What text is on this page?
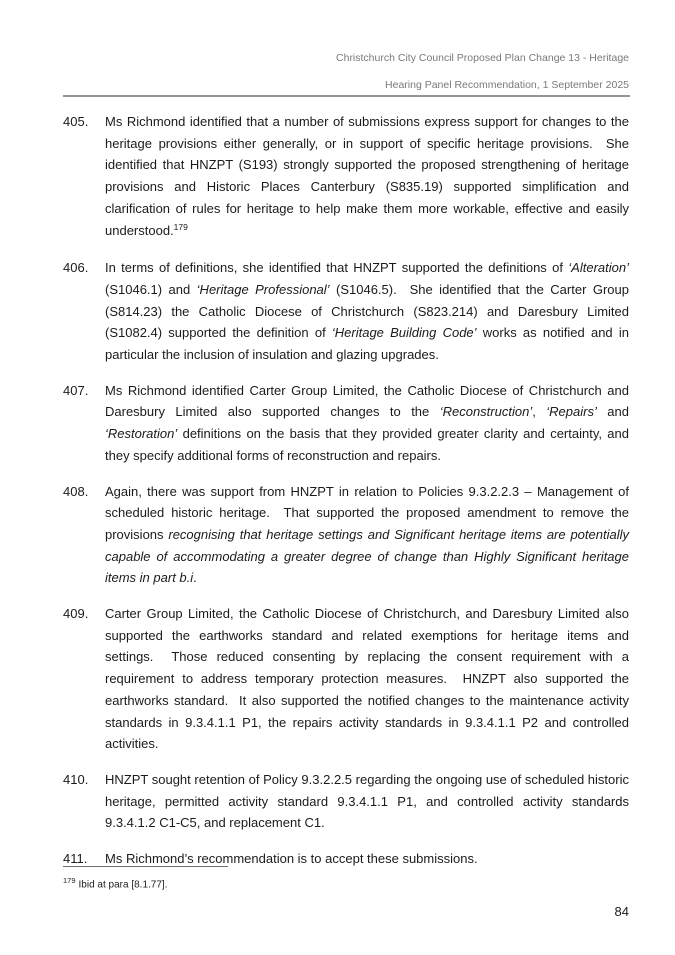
Christchurch City Council Proposed Plan Change 13 - Heritage
Hearing Panel Recommendation, 1 September 2025
405. Ms Richmond identified that a number of submissions express support for changes to the heritage provisions either generally, or in support of specific heritage provisions.  She identified that HNZPT (S193) strongly supported the proposed strengthening of heritage provisions and Historic Places Canterbury (S835.19) supported simplification and clarification of rules for heritage to help make them more workable, effective and easily understood.$^{179}$
406. In terms of definitions, she identified that HNZPT supported the definitions of ‘Alteration’ (S1046.1) and ‘Heritage Professional’ (S1046.5).  She identified that the Carter Group (S814.23) the Catholic Diocese of Christchurch (S823.214) and Daresbury Limited (S1082.4) supported the definition of ‘Heritage Building Code’ works as notified and in particular the inclusion of insulation and glazing upgrades.
407. Ms Richmond identified Carter Group Limited, the Catholic Diocese of Christchurch and Daresbury Limited also supported changes to the ‘Reconstruction’, ‘Repairs’ and ‘Restoration’ definitions on the basis that they provided greater clarity and certainty, and they specify additional forms of reconstruction and repairs.
408. Again, there was support from HNZPT in relation to Policies 9.3.2.2.3 – Management of scheduled historic heritage.  That supported the proposed amendment to remove the provisions recognising that heritage settings and Significant heritage items are potentially capable of accommodating a greater degree of change than Highly Significant heritage items in part b.i.
409. Carter Group Limited, the Catholic Diocese of Christchurch, and Daresbury Limited also supported the earthworks standard and related exemptions for heritage items and settings.  Those reduced consenting by replacing the consent requirement with a requirement to address temporary protection measures.  HNZPT also supported the earthworks standard.  It also supported the notified changes to the maintenance activity standards in 9.3.4.1.1 P1, the repairs activity standards in 9.3.4.1.1 P2 and controlled activities.
410. HNZPT sought retention of Policy 9.3.2.2.5 regarding the ongoing use of scheduled historic heritage, permitted activity standard 9.3.4.1.1 P1, and controlled activity standards 9.3.4.1.2 C1-C5, and replacement C1.
411. Ms Richmond’s recommendation is to accept these submissions.
$^{179}$ Ibid at para [8.1.77].
84
